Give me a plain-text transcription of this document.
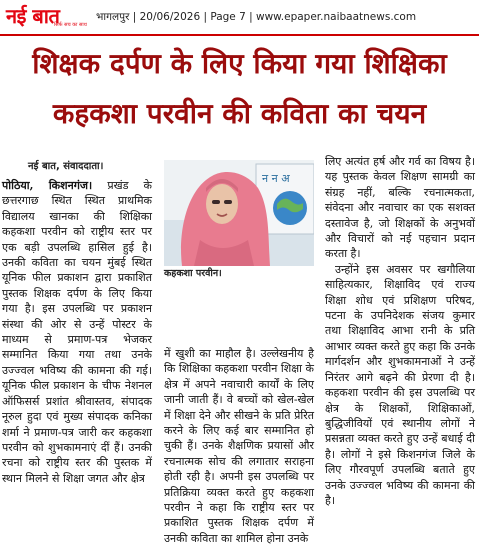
नई बात
सिर्फ सच का साथ
भागलपुर | 20/06/2026 | Page 7 | www.epaper.naibaatnews.com
शिक्षक दर्पण के लिए किया गया शिक्षिका
कहकशा परवीन की कविता का चयन
नई बात, संवाददाता।

पोठिया, किशनगंज। प्रखंड के छत्तरगाछ स्थित स्थित प्राथमिक विद्यालय खानका की शिक्षिका कहकशा परवीन को राष्ट्रीय स्तर पर एक बड़ी उपलब्धि हासिल हुई है। उनकी कविता का चयन मुंबई स्थित यूनिक फील प्रकाशन द्वारा प्रकाशित पुस्तक शिक्षक दर्पण के लिए किया गया है। इस उपलब्धि पर प्रकाशन संस्था की ओर से उन्हें पोस्टर के माध्यम से प्रमाण-पत्र भेजकर सम्मानित किया गया तथा उनके उज्ज्वल भविष्य की कामना की गई। यूनिक फील प्रकाशन के चीफ नेशनल ऑफिसर्स प्रशांत श्रीवास्तव, संपादक नूरुल हुदा एवं मुख्य संपादक कनिका शर्मा ने प्रमाण-पत्र जारी कर कहकशा परवीन को शुभकामनाएं दीं हैं। उनकी रचना को राष्ट्रीय स्तर की पुस्तक में स्थान मिलने से शिक्षा जगत और क्षेत्र

न न अ
कहकशा परवीन।

में खुशी का माहौल है। उल्लेखनीय है कि शिक्षिका कहकशा परवीन शिक्षा के क्षेत्र में अपने नवाचारी कार्यों के लिए जानी जाती हैं। वे बच्चों को खेल-खेल में शिक्षा देने और सीखने के प्रति प्रेरित करने के लिए कई बार सम्मानित हो चुकी हैं। उनके शैक्षणिक प्रयासों और रचनात्मक सोच की लगातार सराहना होती रही है। अपनी इस उपलब्धि पर प्रतिक्रिया व्यक्त करते हुए कहकशा परवीन ने कहा कि राष्ट्रीय स्तर पर प्रकाशित पुस्तक शिक्षक दर्पण में उनकी कविता का शामिल होना उनके

लिए अत्यंत हर्ष और गर्व का विषय है। यह पुस्तक केवल शिक्षण सामग्री का संग्रह नहीं, बल्कि रचनात्मकता, संवेदना और नवाचार का एक सशक्त दस्तावेज है, जो शिक्षकों के अनुभवों और विचारों को नई पहचान प्रदान करता है।

उन्होंने इस अवसर पर खगौलिया साहित्यकार, शिक्षाविद एवं राज्य शिक्षा शोध एवं प्रशिक्षण परिषद, पटना के उपनिदेशक संजय कुमार तथा शिक्षाविद आभा रानी के प्रति आभार व्यक्त करते हुए कहा कि उनके मार्गदर्शन और शुभकामनाओं ने उन्हें निरंतर आगे बढ़ने की प्रेरणा दी है। कहकशा परवीन की इस उपलब्धि पर क्षेत्र के शिक्षकों, शिक्षिकाओं, बुद्धिजीवियों एवं स्थानीय लोगों ने प्रसन्नता व्यक्त करते हुए उन्हें बधाई दी है। लोगों ने इसे किशनगंज जिले के लिए गौरवपूर्ण उपलब्धि बताते हुए उनके उज्ज्वल भविष्य की कामना की है।
